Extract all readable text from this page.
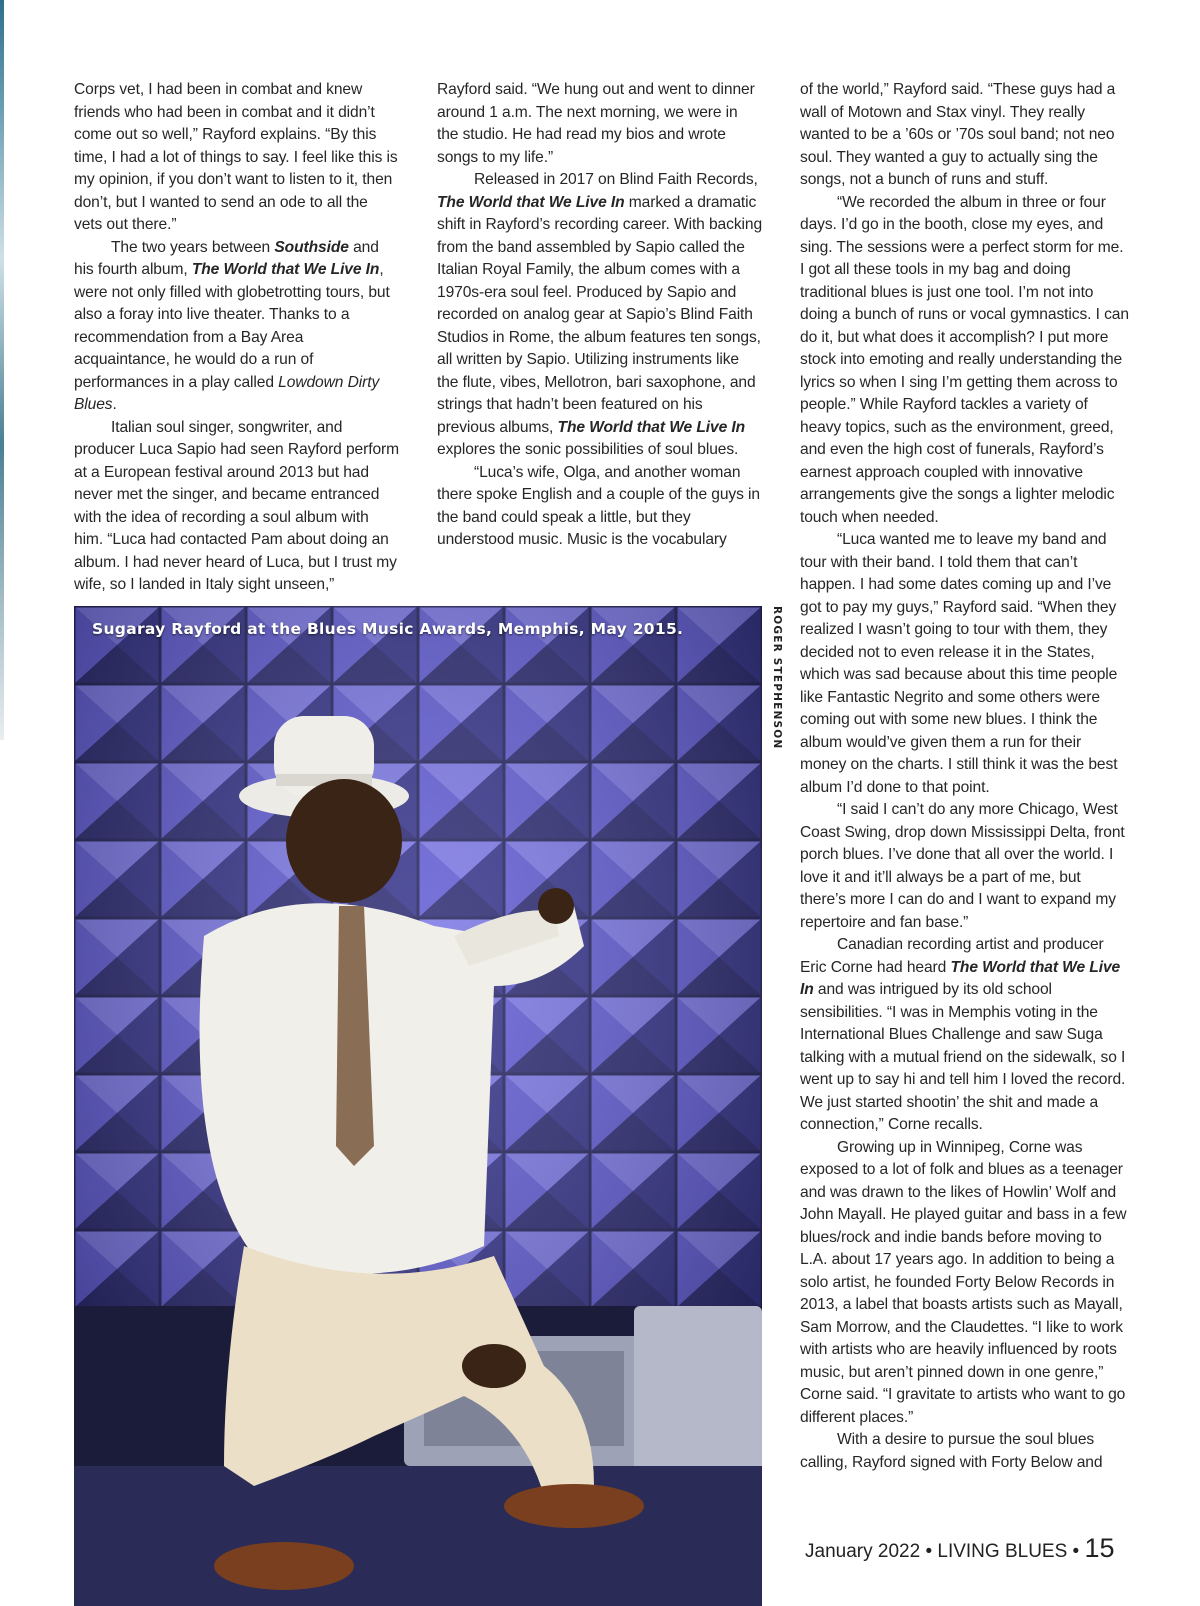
Corps vet, I had been in combat and knew friends who had been in combat and it didn’t come out so well,” Rayford explains. “By this time, I had a lot of things to say. I feel like this is my opinion, if you don’t want to listen to it, then don’t, but I wanted to send an ode to all the vets out there.”

The two years between Southside and his fourth album, The World that We Live In, were not only filled with globetrotting tours, but also a foray into live theater. Thanks to a recommendation from a Bay Area acquaintance, he would do a run of performances in a play called Lowdown Dirty Blues.

Italian soul singer, songwriter, and producer Luca Sapio had seen Rayford perform at a European festival around 2013 but had never met the singer, and became entranced with the idea of recording a soul album with him. “Luca had contacted Pam about doing an album. I had never heard of Luca, but I trust my wife, so I landed in Italy sight unseen,”

Rayford said. “We hung out and went to dinner around 1 a.m. The next morning, we were in the studio. He had read my bios and wrote songs to my life.”

Released in 2017 on Blind Faith Records, The World that We Live In marked a dramatic shift in Rayford’s recording career. With backing from the band assembled by Sapio called the Italian Royal Family, the album comes with a 1970s-era soul feel. Produced by Sapio and recorded on analog gear at Sapio’s Blind Faith Studios in Rome, the album features ten songs, all written by Sapio. Utilizing instruments like the flute, vibes, Mellotron, bari saxophone, and strings that hadn’t been featured on his previous albums, The World that We Live In explores the sonic possibilities of soul blues.

“Luca’s wife, Olga, and another woman there spoke English and a couple of the guys in the band could speak a little, but they understood music. Music is the vocabulary

of the world,” Rayford said. “These guys had a wall of Motown and Stax vinyl. They really wanted to be a ’60s or ’70s soul band; not neo soul. They wanted a guy to actually sing the songs, not a bunch of runs and stuff.

“We recorded the album in three or four days. I’d go in the booth, close my eyes, and sing. The sessions were a perfect storm for me. I got all these tools in my bag and doing traditional blues is just one tool. I’m not into doing a bunch of runs or vocal gymnastics. I can do it, but what does it accomplish? I put more stock into emoting and really understanding the lyrics so when I sing I’m getting them across to people.” While Rayford tackles a variety of heavy topics, such as the environment, greed, and even the high cost of funerals, Rayford’s earnest approach coupled with innovative arrangements give the songs a lighter melodic touch when needed.

“Luca wanted me to leave my band and tour with their band. I told them that can’t happen. I had some dates coming up and I’ve got to pay my guys,” Rayford said. “When they realized I wasn’t going to tour with them, they decided not to even release it in the States, which was sad because about this time people like Fantastic Negrito and some others were coming out with some new blues. I think the album would’ve given them a run for their money on the charts. I still think it was the best album I’d done to that point.

“I said I can’t do any more Chicago, West Coast Swing, drop down Mississippi Delta, front porch blues. I’ve done that all over the world. I love it and it’ll always be a part of me, but there’s more I can do and I want to expand my repertoire and fan base.”

Canadian recording artist and producer Eric Corne had heard The World that We Live In and was intrigued by its old school sensibilities. “I was in Memphis voting in the International Blues Challenge and saw Suga talking with a mutual friend on the sidewalk, so I went up to say hi and tell him I loved the record. We just started shootin’ the shit and made a connection,” Corne recalls.

Growing up in Winnipeg, Corne was exposed to a lot of folk and blues as a teenager and was drawn to the likes of Howlin’ Wolf and John Mayall. He played guitar and bass in a few blues/rock and indie bands before moving to L.A. about 17 years ago. In addition to being a solo artist, he founded Forty Below Records in 2013, a label that boasts artists such as Mayall, Sam Morrow, and the Claudettes. “I like to work with artists who are heavily influenced by roots music, but aren’t pinned down in one genre,” Corne said. “I gravitate to artists who want to go different places.”

With a desire to pursue the soul blues calling, Rayford signed with Forty Below and

Sugaray Rayford at the Blues Music Awards, Memphis, May 2015.	ROGER STEPHENSON
January 2022 • LIVING BLUES • 15
